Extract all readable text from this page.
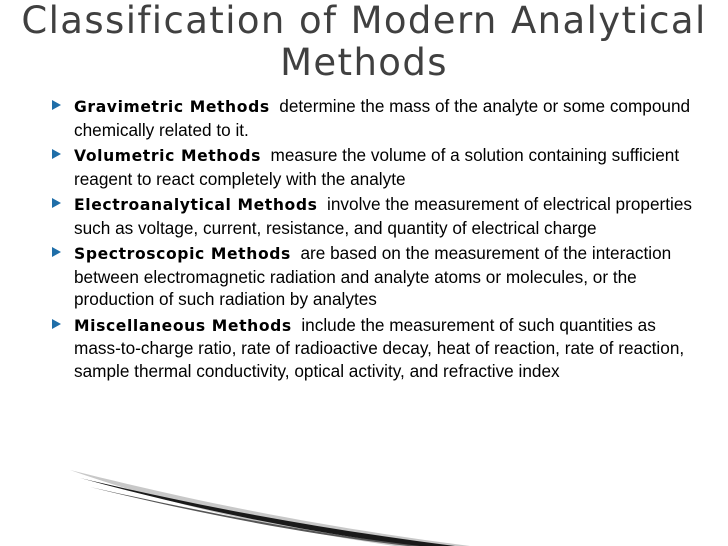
Classification of Modern Analytical Methods
Gravimetric Methods determine the mass of the analyte or some compound chemically related to it.
Volumetric Methods measure the volume of a solution containing sufficient reagent to react completely with the analyte
Electroanalytical Methods involve the measurement of electrical properties such as voltage, current, resistance, and quantity of electrical charge
Spectroscopic Methods are based on the measurement of the interaction between electromagnetic radiation and analyte atoms or molecules, or the production of such radiation by analytes
Miscellaneous Methods include the measurement of such quantities as mass-to-charge ratio, rate of radioactive decay, heat of reaction, rate of reaction, sample thermal conductivity, optical activity, and refractive index
